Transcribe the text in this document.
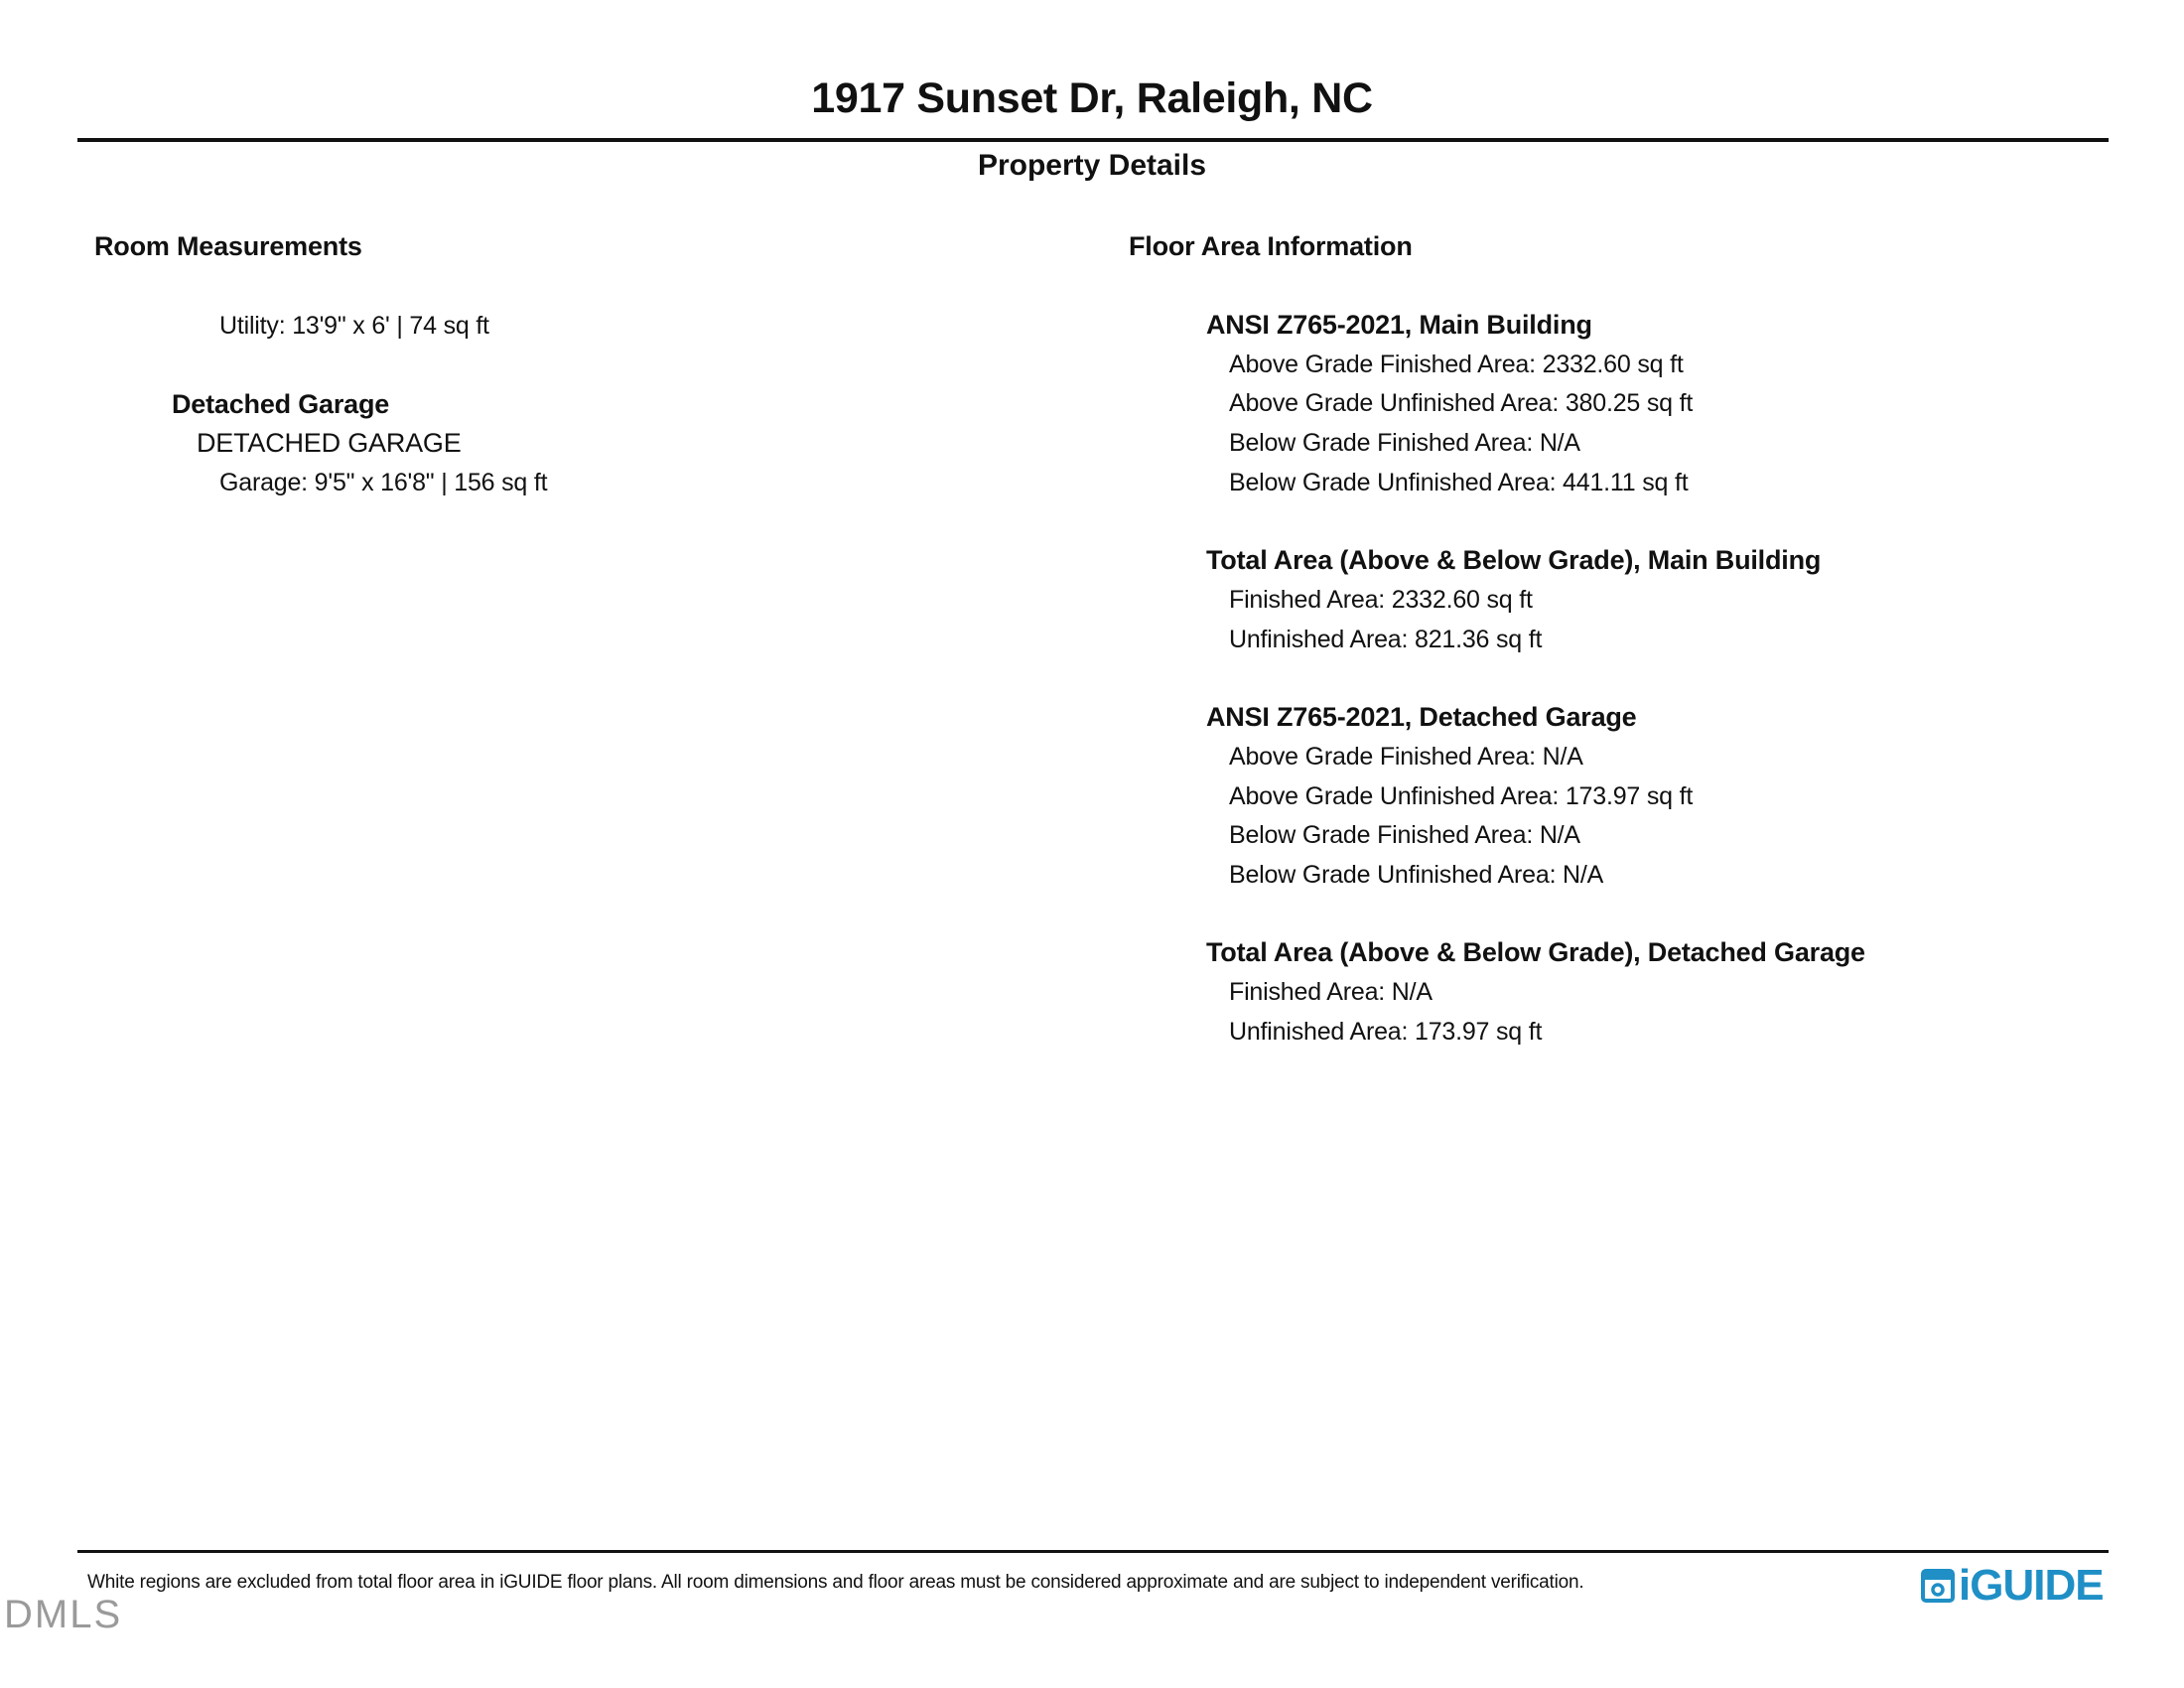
1917 Sunset Dr, Raleigh, NC
Property Details
Room Measurements
Utility: 13'9" x 6' | 74 sq ft
Detached Garage
DETACHED GARAGE
Garage: 9'5" x 16'8" | 156 sq ft
Floor Area Information
ANSI Z765-2021, Main Building
Above Grade Finished Area: 2332.60 sq ft
Above Grade Unfinished Area: 380.25 sq ft
Below Grade Finished Area: N/A
Below Grade Unfinished Area: 441.11 sq ft
Total Area (Above & Below Grade), Main Building
Finished Area: 2332.60 sq ft
Unfinished Area: 821.36 sq ft
ANSI Z765-2021, Detached Garage
Above Grade Finished Area: N/A
Above Grade Unfinished Area: 173.97 sq ft
Below Grade Finished Area: N/A
Below Grade Unfinished Area: N/A
Total Area (Above & Below Grade), Detached Garage
Finished Area: N/A
Unfinished Area: 173.97 sq ft
White regions are excluded from total floor area in iGUIDE floor plans. All room dimensions and floor areas must be considered approximate and are subject to independent verification.	iGUIDE
DMLS
